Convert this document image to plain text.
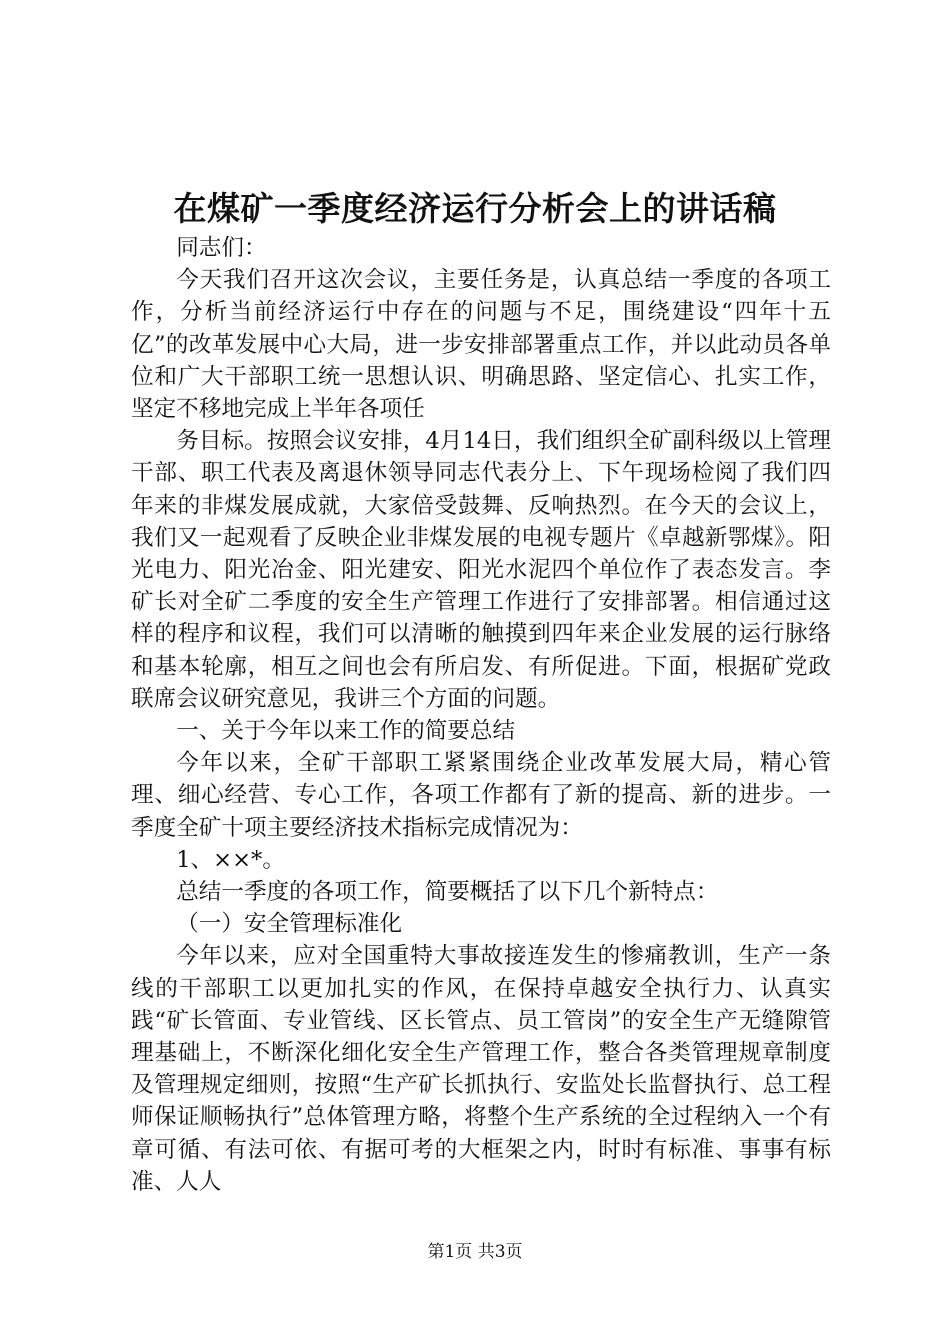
在煤矿一季度经济运行分析会上的讲话稿

同志们：

今天我们召开这次会议，主要任务是，认真总结一季度的各项工作，分析当前经济运行中存在的问题与不足，围绕建设“四年十五亿”的改革发展中心大局，进一步安排部署重点工作，并以此动员各单位和广大干部职工统一思想认识、明确思路、坚定信心、扎实工作，坚定不移地完成上半年各项任

务目标。按照会议安排，4月14日，我们组织全矿副科级以上管理干部、职工代表及离退休领导同志代表分上、下午现场检阅了我们四年来的非煤发展成就，大家倍受鼓舞、反响热烈。在今天的会议上，我们又一起观看了反映企业非煤发展的电视专题片《卓越新鄂煤》。阳光电力、阳光冶金、阳光建安、阳光水泥四个单位作了表态发言。李矿长对全矿二季度的安全生产管理工作进行了安排部署。相信通过这样的程序和议程，我们可以清晰的触摸到四年来企业发展的运行脉络和基本轮廓，相互之间也会有所启发、有所促进。下面，根据矿党政联席会议研究意见，我讲三个方面的问题。

一、关于今年以来工作的简要总结

今年以来，全矿干部职工紧紧围绕企业改革发展大局，精心管理、细心经营、专心工作，各项工作都有了新的提高、新的进步。一季度全矿十项主要经济技术指标完成情况为：

1、××*。

总结一季度的各项工作，简要概括了以下几个新特点：

（一）安全管理标准化

今年以来，应对全国重特大事故接连发生的惨痛教训，生产一条线的干部职工以更加扎实的作风，在保持卓越安全执行力、认真实践“矿长管面、专业管线、区长管点、员工管岗”的安全生产无缝隙管理基础上，不断深化细化安全生产管理工作，整合各类管理规章制度及管理规定细则，按照“生产矿长抓执行、安监处长监督执行、总工程师保证顺畅执行”总体管理方略，将整个生产系统的全过程纳入一个有章可循、有法可依、有据可考的大框架之内，时时有标准、事事有标准、人人

第1页 共3页
